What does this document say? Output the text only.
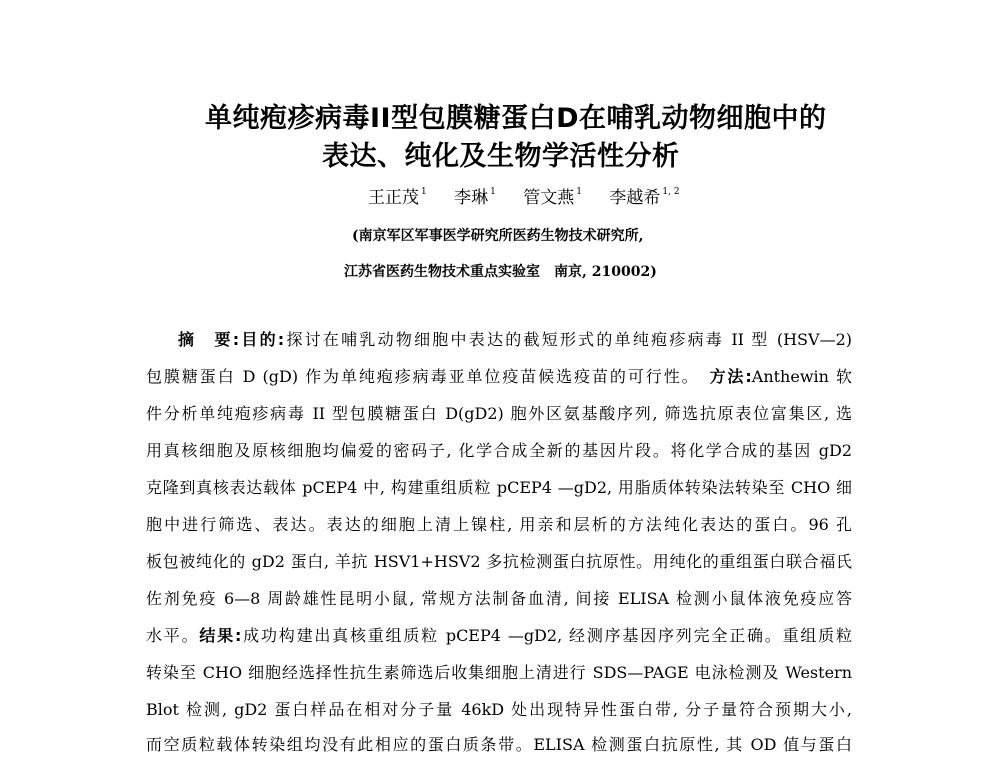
单纯疱疹病毒II型包膜糖蛋白D在哺乳动物细胞中的
表达、纯化及生物学活性分析
王正茂 $^1$ 李琳 $^1$ 管文燕 $^1$ 李越希 $^{1, 2}$
(南京军区军事医学研究所医药生物技术研究所,
江苏省医药生物技术重点实验室　南京, 210002)
摘　要:目的:探讨在哺乳动物细胞中表达的截短形式的单纯疱疹病毒 II 型 (HSV—2)
包膜糖蛋白 D (gD) 作为单纯疱疹病毒亚单位疫苗候选疫苗的可行性。　 方法:Anthewin 软
件分析单纯疱疹病毒 II 型包膜糖蛋白 D(gD2) 胞外区氨基酸序列, 筛选抗原表位富集区, 选
用真核细胞及原核细胞均偏爱的密码子, 化学合成全新的基因片段。将化学合成的基因 gD2
克隆到真核表达载体 pCEP4 中, 构建重组质粒 pCEP4 —gD2, 用脂质体转染法转染至 CHO 细
胞中进行筛选、表达。表达的细胞上清上镍柱, 用亲和层析的方法纯化表达的蛋白。96 孔
板包被纯化的 gD2 蛋白, 羊抗 HSV1+HSV2 多抗检测蛋白抗原性。用纯化的重组蛋白联合福氏
佐剂免疫 6—8 周龄雄性昆明小鼠, 常规方法制备血清, 间接 ELISA 检测小鼠体液免疫应答
水平。结果:成功构建出真核重组质粒 pCEP4 —gD2, 经测序基因序列完全正确。重组质粒
转染至 CHO 细胞经选择性抗生素筛选后收集细胞上清进行 SDS—PAGE 电泳检测及 Western
Blot 检测, gD2 蛋白样品在相对分子量 46kD 处出现特异性蛋白带, 分子量符合预期大小,
而空质粒载体转染组均没有此相应的蛋白质条带。ELISA 检测蛋白抗原性, 其 OD 值与蛋白
